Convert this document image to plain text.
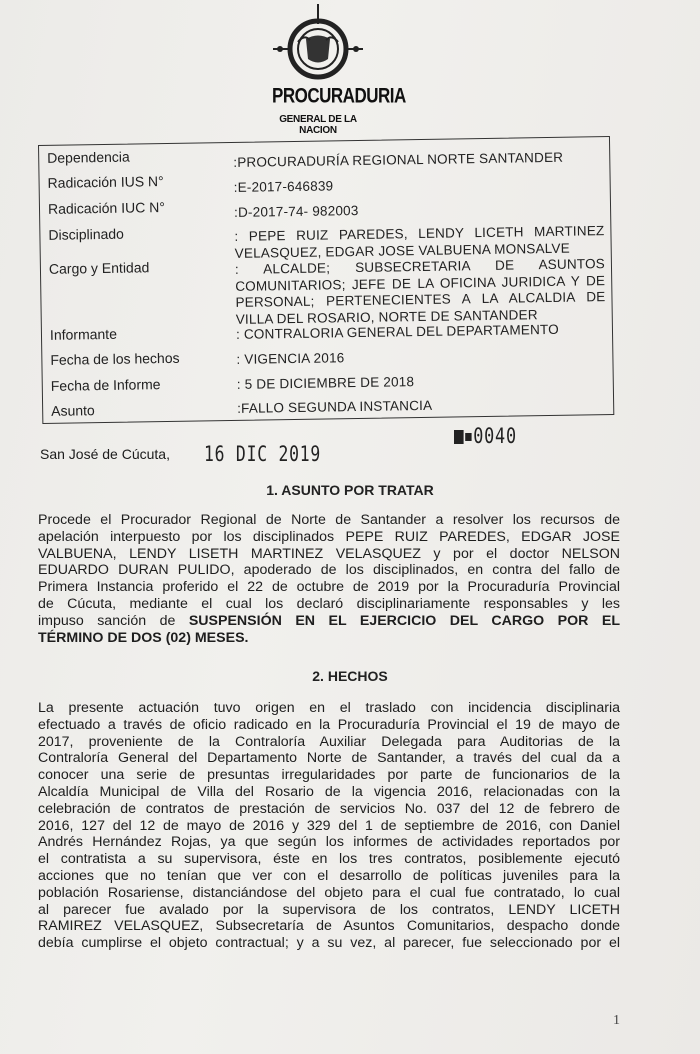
PROCURADURIA
GENERAL DE LA NACION
Dependencia	:PROCURADURÍA REGIONAL NORTE SANTANDER
Radicación IUS N°	:E-2017-646839
Radicación IUC N°	:D-2017-74- 982003
Disciplinado	: PEPE RUIZ PAREDES, LENDY LICETH MARTINEZ VELASQUEZ, EDGAR JOSE VALBUENA MONSALVE
Cargo y Entidad	: ALCALDE; SUBSECRETARIA DE ASUNTOS COMUNITARIOS; JEFE DE LA OFICINA JURIDICA Y DE PERSONAL; PERTENECIENTES A LA ALCALDIA DE VILLA DEL ROSARIO, NORTE DE SANTANDER
Informante	: CONTRALORIA GENERAL DEL DEPARTAMENTO
Fecha de los hechos	: VIGENCIA 2016
Fecha de Informe	: 5 DE DICIEMBRE DE 2018
Asunto	:FALLO SEGUNDA INSTANCIA
San José de Cúcuta, 16 DIC 2019
0040
1. ASUNTO POR TRATAR
Procede el Procurador Regional de Norte de Santander a resolver los recursos de
apelación interpuesto por los disciplinados PEPE RUIZ PAREDES, EDGAR JOSE
VALBUENA, LENDY LISETH MARTINEZ VELASQUEZ y por el doctor NELSON
EDUARDO DURAN PULIDO, apoderado de los disciplinados, en contra del fallo de
Primera Instancia proferido el 22 de octubre de 2019 por la Procuraduría Provincial
de Cúcuta, mediante el cual los declaró disciplinariamente responsables y les
impuso sanción de SUSPENSIÓN EN EL EJERCICIO DEL CARGO POR EL
TÉRMINO DE DOS (02) MESES.
2. HECHOS
La presente actuación tuvo origen en el traslado con incidencia disciplinaria
efectuado a través de oficio radicado en la Procuraduría Provincial el 19 de mayo de
2017, proveniente de la Contraloría Auxiliar Delegada para Auditorias de la
Contraloría General del Departamento Norte de Santander, a través del cual da a
conocer una serie de presuntas irregularidades por parte de funcionarios de la
Alcaldía Municipal de Villa del Rosario de la vigencia 2016, relacionadas con la
celebración de contratos de prestación de servicios No. 037 del 12 de febrero de
2016, 127 del 12 de mayo de 2016 y 329 del 1 de septiembre de 2016, con Daniel
Andrés Hernández Rojas, ya que según los informes de actividades reportados por
el contratista a su supervisora, éste en los tres contratos, posiblemente ejecutó
acciones que no tenían que ver con el desarrollo de políticas juveniles para la
población Rosariense, distanciándose del objeto para el cual fue contratado, lo cual
al parecer fue avalado por la supervisora de los contratos, LENDY LICETH
RAMIREZ VELASQUEZ, Subsecretaría de Asuntos Comunitarios, despacho donde
debía cumplirse el objeto contractual; y a su vez, al parecer, fue seleccionado por el
1
